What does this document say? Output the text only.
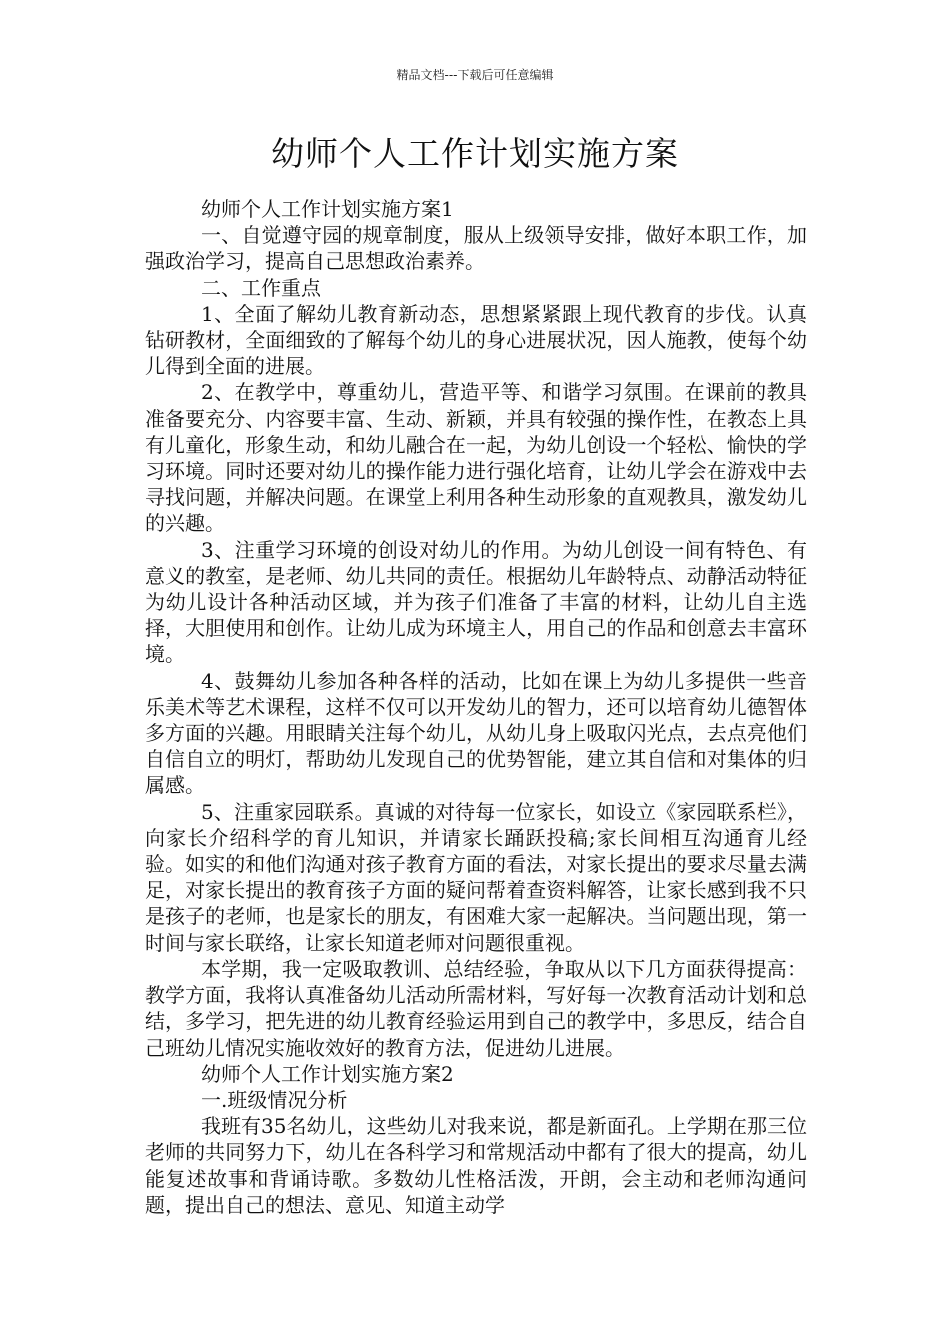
精品文档---下载后可任意编辑
幼师个人工作计划实施方案

幼师个人工作计划实施方案1

一、自觉遵守园的规章制度，服从上级领导安排，做好本职工作，加强政治学习，提高自己思想政治素养。

二、工作重点

1、全面了解幼儿教育新动态，思想紧紧跟上现代教育的步伐。认真钻研教材，全面细致的了解每个幼儿的身心进展状况，因人施教，使每个幼儿得到全面的进展。

2、在教学中，尊重幼儿，营造平等、和谐学习氛围。在课前的教具准备要充分、内容要丰富、生动、新颖，并具有较强的操作性，在教态上具有儿童化，形象生动，和幼儿融合在一起，为幼儿创设一个轻松、愉快的学习环境。同时还要对幼儿的操作能力进行强化培育，让幼儿学会在游戏中去寻找问题，并解决问题。在课堂上利用各种生动形象的直观教具，激发幼儿的兴趣。

3、注重学习环境的创设对幼儿的作用。为幼儿创设一间有特色、有意义的教室，是老师、幼儿共同的责任。根据幼儿年龄特点、动静活动特征为幼儿设计各种活动区域，并为孩子们准备了丰富的材料，让幼儿自主选择，大胆使用和创作。让幼儿成为环境主人，用自己的作品和创意去丰富环境。

4、鼓舞幼儿参加各种各样的活动，比如在课上为幼儿多提供一些音乐美术等艺术课程，这样不仅可以开发幼儿的智力，还可以培育幼儿德智体多方面的兴趣。用眼睛关注每个幼儿，从幼儿身上吸取闪光点，去点亮他们自信自立的明灯，帮助幼儿发现自己的优势智能，建立其自信和对集体的归属感。

5、注重家园联系。真诚的对待每一位家长，如设立《家园联系栏》，向家长介绍科学的育儿知识，并请家长踊跃投稿;家长间相互沟通育儿经验。如实的和他们沟通对孩子教育方面的看法，对家长提出的要求尽量去满足，对家长提出的教育孩子方面的疑问帮着查资料解答，让家长感到我不只是孩子的老师，也是家长的朋友，有困难大家一起解决。当问题出现，第一时间与家长联络，让家长知道老师对问题很重视。

本学期，我一定吸取教训、总结经验，争取从以下几方面获得提高：教学方面，我将认真准备幼儿活动所需材料，写好每一次教育活动计划和总结，多学习，把先进的幼儿教育经验运用到自己的教学中，多思反，结合自己班幼儿情况实施收效好的教育方法，促进幼儿进展。

幼师个人工作计划实施方案2

一.班级情况分析

我班有35名幼儿，这些幼儿对我来说，都是新面孔。上学期在那三位老师的共同努力下，幼儿在各科学习和常规活动中都有了很大的提高，幼儿能复述故事和背诵诗歌。多数幼儿性格活泼，开朗，会主动和老师沟通问题，提出自己的想法、意见、知道主动学
